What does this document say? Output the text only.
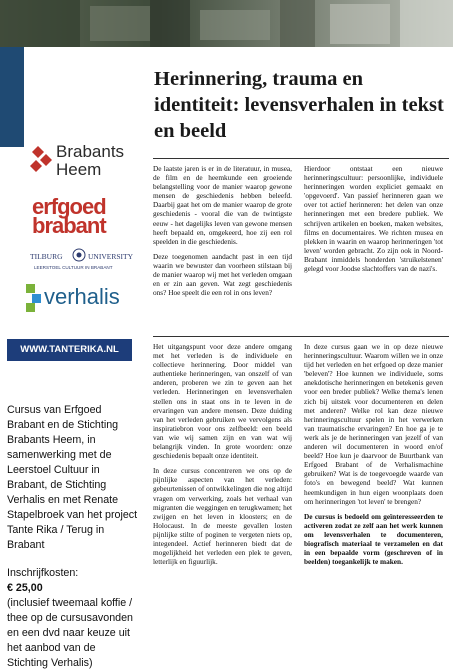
Herinnering, trauma en identiteit: levensverhalen in tekst en beeld
Brabants
Heem
erfgoed
brabant
TILBURG	UNIVERSITY
LEERSTOEL CULTUUR IN BRABANT
verhalis
WWW.TANTERIKA.NL

Cursus van Erfgoed Brabant en de Stichting Brabants Heem, in samenwerking met de Leerstoel Cultuur in Brabant, de Stichting Verhalis en met Renate Stapelbroek van het project Tante Rika / Terug in Brabant

Inschrijfkosten:

€ 25,00

(inclusief tweemaal koffie / thee op de cursusavonden en een dvd naar keuze uit het aanbod van de Stichting Verhalis)

De laatste jaren is er in de literatuur, in musea, de film en de heemkunde een groeiende belangstelling voor de manier waarop gewone mensen de geschiedenis hebben beleefd. Daarbij gaat het om de manier waarop de grote geschiedenis - vooral die van de twintigste eeuw - het dagelijks leven van gewone mensen heeft bepaald en, omgekeerd, hoe zij een rol speelden in die geschiedenis.

Deze toegenomen aandacht past in een tijd waarin we bewuster dan voorheen stilstaan bij de manier waarop wij met het verleden omgaan en er zin aan geven. Wat zegt geschiedenis ons? Hoe speelt die een rol in ons leven?

Hierdoor ontstaat een nieuwe herinneringscultuur: persoonlijke, individuele herinneringen worden expliciet gemaakt en 'opgevoerd'. Van passief herinneren gaan we over tot actief herinneren: het delen van onze herinneringen met een bredere publiek. We schrijven artikelen en boeken, maken websites, films en documentaires. We richten musea en plekken in waarin en waarop herinneringen 'tot leven' worden gebracht. Zo zijn ook in Noord-Brabant inmiddels honderden 'struikelstenen' gelegd voor Joodse slachtoffers van de nazi's.

Het uitgangspunt voor deze andere omgang met het verleden is de individuele en collectieve herinnering. Door middel van authentieke herinneringen, van onszelf of van anderen, proberen we zin te geven aan het verleden. Herinneringen en levensverhalen stellen ons in staat ons in te leven in de ervaringen van andere mensen. Deze duiding van het verleden gebruiken we vervolgens als inspiratiebron voor ons zelfbeeld: een beeld van wie wij samen zijn en van wat wij belangrijk vinden. In grote woorden: onze geschiedenis bepaalt onze identiteit.

In deze cursus concentreren we ons op de pijnlijke aspecten van het verleden: gebeurtenissen of ontwikkelingen die nog altijd vragen om verwerking, zoals het verhaal van migranten die weggingen en terugkwamen; het zwijgen en het leven in kloosters; en de Holocaust. In de meeste gevallen losten pijnlijke stilte of poginen te vergeten niets op, integendeel. Actief herinneren biedt dat de mogelijkheid het verleden een plek te geven, letterlijk en figuurlijk.

In deze cursus gaan we in op deze nieuwe herinneringscultuur. Waarom willen we in onze tijd het verleden en het erfgoed op deze manier 'beleven'? Hoe kunnen we individuele, soms anekdotische herinneringen en betekenis geven voor een breder publiek? Welke thema's lenen zich bij uitstek voor documenteren en delen met anderen? Welke rol kan deze nieuwe herinneringscultuur spelen in het verwerken van traumatische ervaringen? En hoe ga je te werk als je de herinneringen van jezelf of van anderen wil documenteren in woord en/of beeld? Hoe kun je daarvoor de Buurtbank van Erfgoed Brabant of de Verhalismachine gebruiken? Wat is de toegevoegde waarde van foto's en bewegend beeld? Wat kunnen heemkundigen in hun eigen woonplaats doen om herinneringen 'tot leven' te brengen?

De cursus is bedoeld om geïnteresseerden te activeren zodat ze zelf aan het werk kunnen om levensverhalen te documenteren, biografisch materiaal te verzamelen en dat in een bepaalde vorm (geschreven of in beelden) toegankelijk te maken.
